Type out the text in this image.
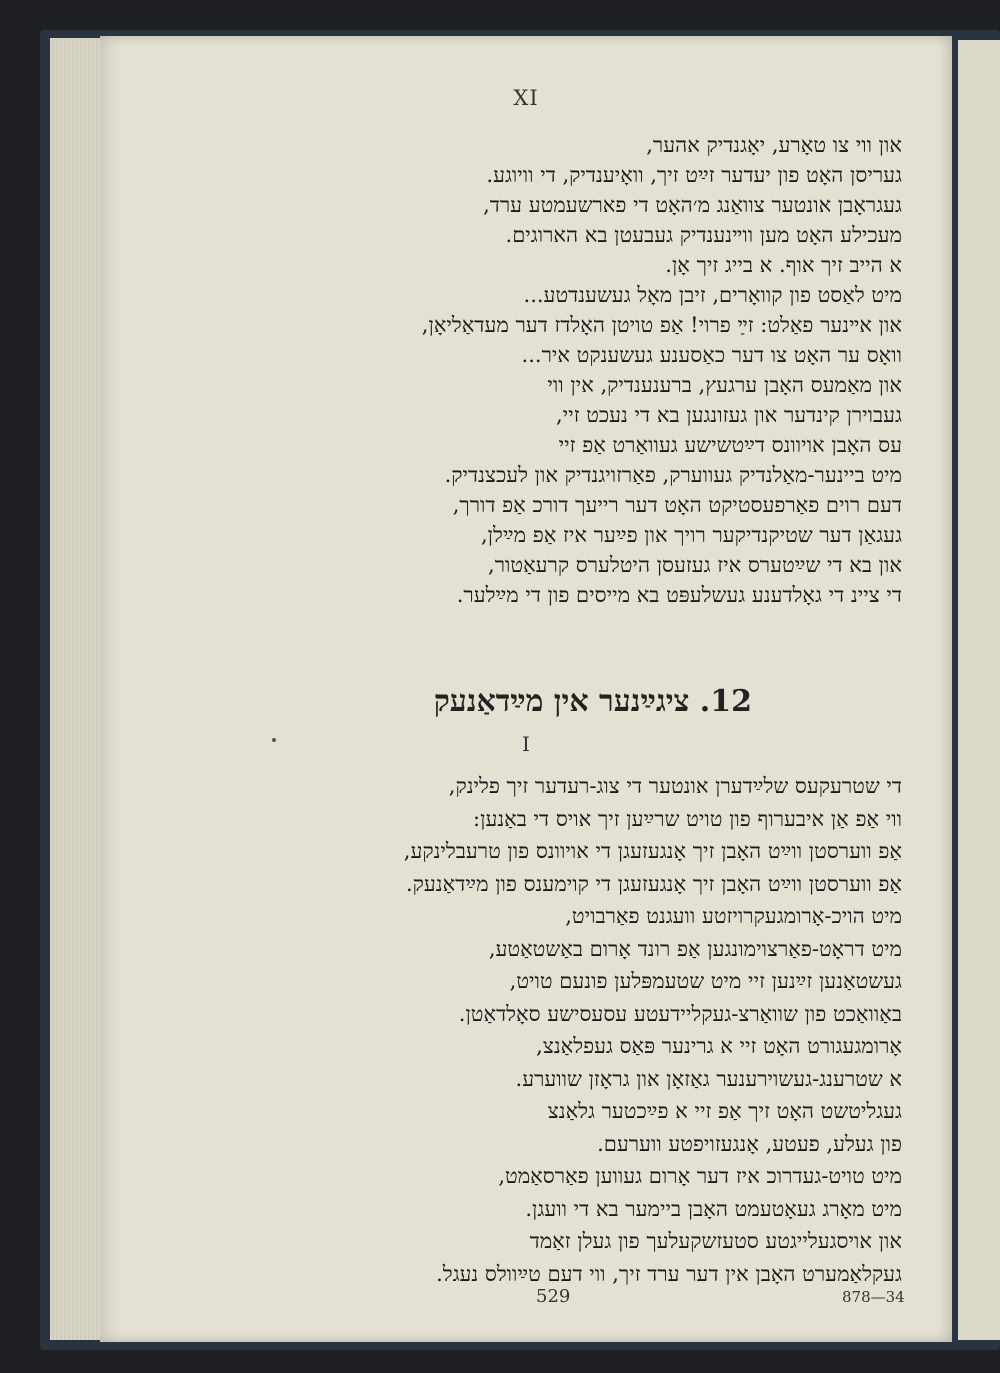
XI
און ווי צו טאָרע, יאָגנדיק אהער,
געריסן האָט פון יעדער זײַט זיך, וואָיענדיק, די וויוגע.
געגראָבן אונטער צוואַנג מ׳האָט די פארשעמטע ערד,
מעכילע האָט מען ווײנענדיק געבעטן בא הארוגים.
א הייב זיך אוף. א בייג זיך אָן.
מיט לאַסט פון קוואָרים, זיבן מאָל געשענדטע...
און אײנער פאַלט: זײַ פרוי! אַפ טויטן האָלדז דער מעדאַליאָן,
וואָס ער האָט צו דער כאַסענע געשענקט איר...
און מאַמעס האָבן ערגעץ, ברענענדיק, אין ווי
געבוירן קינדער און געזונגען בא די נעכט זיי,
עס האָבן אויוונס דײַטשישע געוואַרט אַפ זיי
מיט ביינער-מאַלנדיק געווערק, פאַרזויגנדיק און לעכצנדיק.
דעם רוים פאַרפעסטיקט האָט דער רייעך דורכ אַפ דורך,
געגאַן דער שטיקנדיקער רויך און פײַער איז אַפ מײַלן,
און בא די שײַטערס איז געזעסן היטלערס קרעאַטור,
די ציינ די גאָלדענע געשלעפּט בא מייסים פון די מײַלער.
12. ציגײַנער אין מײַדאַנעק
I
די שטרעקעס שלײַדערן אונטער די צוג-רעדער זיך פלינק,
ווי אַפ אַן איבערוף פון טויט שרײַען זיך אויס די באַנען:
אַפ ווערסטן ווײַט האָבן זיך אָנגעזעגן די אויוונס פון טרעבלינקע,
אַפ ווערסטן ווײַט האָבן זיך אָנגעזעגן די קוימענס פון מײַדאַנעק.
מיט הויכ-אָרומגעקרויזטע וועגנט פאַרבויט,
מיט דראָט-פאַרצוימונגען אַפ רונד אָרום באַשטאַטע,
געשטאַנען זײַנען זיי מיט שטעמפּלען פונעם טויט,
באַוואַכט פון שוואַרצ-געקליידעטע עסעסישע סאָלדאַטן.
אָרומגעגורט האָט זיי א גרינער פּאַס געפלאַנצ,
א שטרענג-געשוירענער גאַזאָן און גראָזן שווערע.
געגליטשט האָט זיך אַפ זיי א פײַכטער גלאַנצ
פון געלע, פעטע, אָנגעזויפטע ווערעם.
מיט טויט-געדרוכ איז דער אָרום געווען פאַרסאַמט,
מיט מאָרג געאָטעמט האָבן ביימער בא די וועגן.
און אויסגעלייגטע סטעזשקעלעך פון געלן זאַמד
געקלאַמערט האָבן אין דער ערד זיך, ווי דעם טײַוולס נעגל.
529	878—34
